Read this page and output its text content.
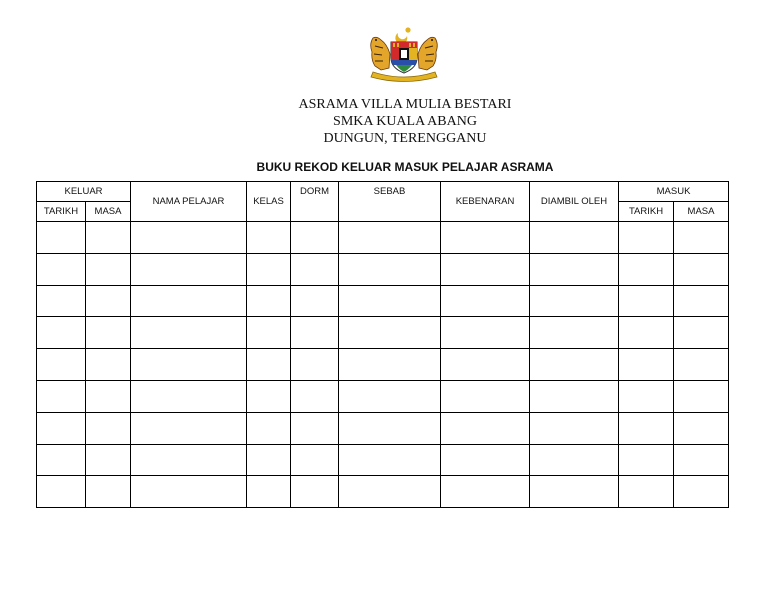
ASRAMA VILLA MULIA BESTARI
SMKA KUALA ABANG
DUNGUN, TERENGGANU
BUKU REKOD KELUAR MASUK PELAJAR ASRAMA
KELUAR		NAMA PELAJAR	KELAS	DORM	SEBAB	KEBENARAN	DIAMBIL OLEH	MASUK	
TARIKH	MASA							TARIKH	MASA
